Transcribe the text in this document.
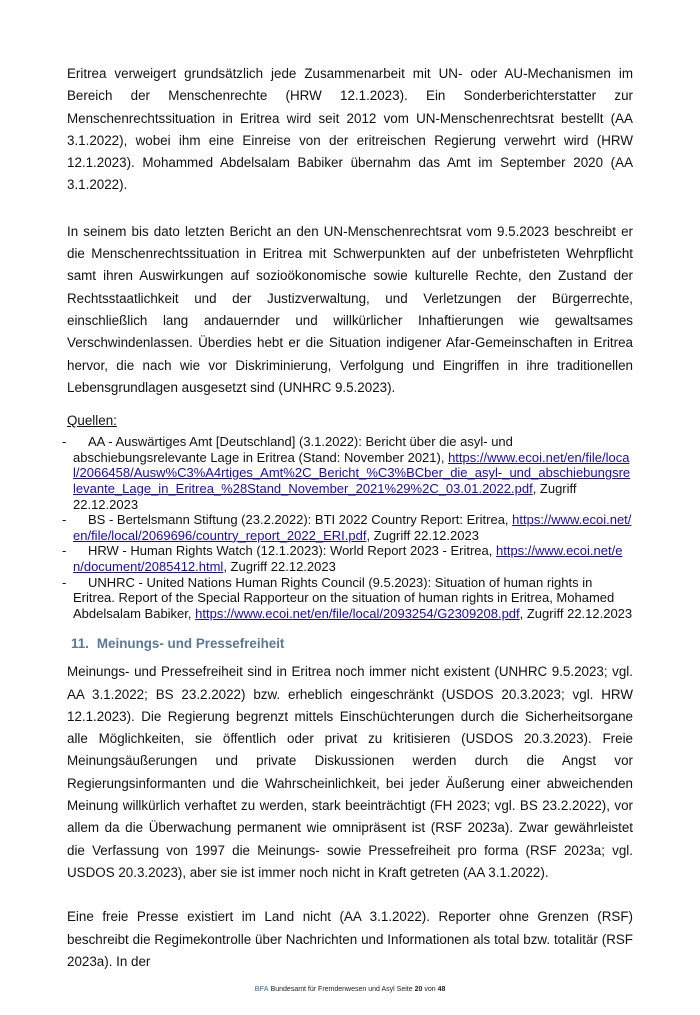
Eritrea verweigert grundsätzlich jede Zusammenarbeit mit UN- oder AU-Mechanismen im Bereich der Menschenrechte (HRW 12.1.2023). Ein Sonderberichterstatter zur Menschenrechtssituation in Eritrea wird seit 2012 vom UN-Menschenrechtsrat bestellt (AA 3.1.2022), wobei ihm eine Einreise von der eritreischen Regierung verwehrt wird (HRW 12.1.2023). Mohammed Abdelsalam Babiker übernahm das Amt im September 2020 (AA 3.1.2022).
In seinem bis dato letzten Bericht an den UN-Menschenrechtsrat vom 9.5.2023 beschreibt er die Menschenrechtssituation in Eritrea mit Schwerpunkten auf der unbefristeten Wehrpflicht samt ihren Auswirkungen auf sozioökonomische sowie kulturelle Rechte, den Zustand der Rechtsstaatlichkeit und der Justizverwaltung, und Verletzungen der Bürgerrechte, einschließlich lang andauernder und willkürlicher Inhaftierungen wie gewaltsames Verschwindenlassen. Überdies hebt er die Situation indigener Afar-Gemeinschaften in Eritrea hervor, die nach wie vor Diskriminierung, Verfolgung und Eingriffen in ihre traditionellen Lebensgrundlagen ausgesetzt sind (UNHRC 9.5.2023).
Quellen:
- AA - Auswärtiges Amt [Deutschland] (3.1.2022): Bericht über die asyl- und abschiebungsrelevante Lage in Eritrea (Stand: November 2021), https://www.ecoi.net/en/file/local/2066458/Ausw%C3%A4rtiges_Amt%2C_Bericht_%C3%BCber_die_asyl-_und_abschiebungsrelevante_Lage_in_Eritrea_%28Stand_November_2021%29%2C_03.01.2022.pdf, Zugriff 22.12.2023
- BS - Bertelsmann Stiftung (23.2.2022): BTI 2022 Country Report: Eritrea, https://www.ecoi.net/en/file/local/2069696/country_report_2022_ERI.pdf, Zugriff 22.12.2023
- HRW - Human Rights Watch (12.1.2023): World Report 2023 - Eritrea, https://www.ecoi.net/en/document/2085412.html, Zugriff 22.12.2023
- UNHRC - United Nations Human Rights Council (9.5.2023): Situation of human rights in Eritrea. Report of the Special Rapporteur on the situation of human rights in Eritrea, Mohamed Abdelsalam Babiker, https://www.ecoi.net/en/file/local/2093254/G2309208.pdf, Zugriff 22.12.2023
11. Meinungs- und Pressefreiheit
Meinungs- und Pressefreiheit sind in Eritrea noch immer nicht existent (UNHRC 9.5.2023; vgl. AA 3.1.2022; BS 23.2.2022) bzw. erheblich eingeschränkt (USDOS 20.3.2023; vgl. HRW 12.1.2023). Die Regierung begrenzt mittels Einschüchterungen durch die Sicherheitsorgane alle Möglichkeiten, sie öffentlich oder privat zu kritisieren (USDOS 20.3.2023). Freie Meinungsäußerungen und private Diskussionen werden durch die Angst vor Regierungsinformanten und die Wahrscheinlichkeit, bei jeder Äußerung einer abweichenden Meinung willkürlich verhaftet zu werden, stark beeinträchtigt (FH 2023; vgl. BS 23.2.2022), vor allem da die Überwachung permanent wie omnipräsent ist (RSF 2023a). Zwar gewährleistet die Verfassung von 1997 die Meinungs- sowie Pressefreiheit pro forma (RSF 2023a; vgl. USDOS 20.3.2023), aber sie ist immer noch nicht in Kraft getreten (AA 3.1.2022).
Eine freie Presse existiert im Land nicht (AA 3.1.2022). Reporter ohne Grenzen (RSF) beschreibt die Regimekontrolle über Nachrichten und Informationen als total bzw. totalitär (RSF 2023a). In der
BFA Bundesamt für Fremdenwesen und Asyl Seite 20 von 48
